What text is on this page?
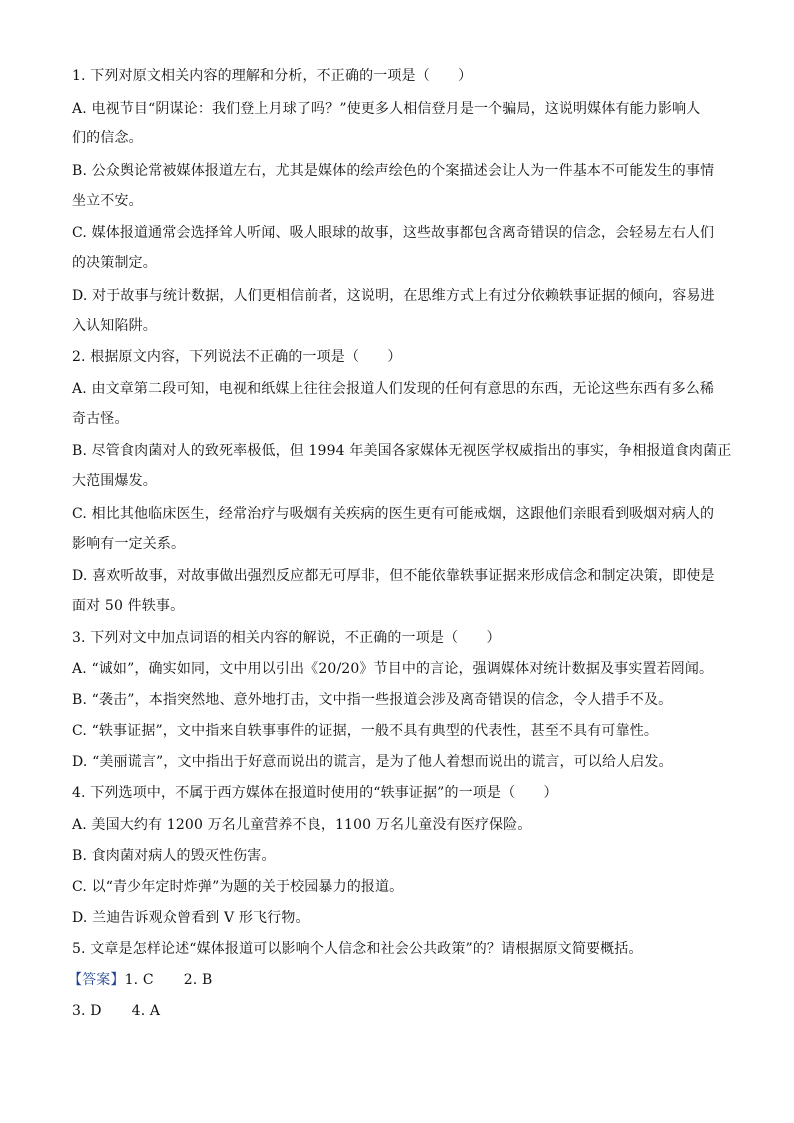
1. 下列对原文相关内容的理解和分析，不正确的一项是（　　）
A. 电视节目“阴谋论：我们登上月球了吗？”使更多人相信登月是一个骗局，这说明媒体有能力影响人
们的信念。
B. 公众舆论常被媒体报道左右，尤其是媒体的绘声绘色的个案描述会让人为一件基本不可能发生的事情
坐立不安。
C. 媒体报道通常会选择耸人听闻、吸人眼球的故事，这些故事都包含离奇错误的信念，会轻易左右人们
的决策制定。
D. 对于故事与统计数据，人们更相信前者，这说明，在思维方式上有过分依赖轶事证据的倾向，容易进
入认知陷阱。
2. 根据原文内容，下列说法不正确的一项是（　　）
A. 由文章第二段可知，电视和纸媒上往往会报道人们发现的任何有意思的东西，无论这些东西有多么稀
奇古怪。
B. 尽管食肉菌对人的致死率极低，但 1994 年美国各家媒体无视医学权威指出的事实，争相报道食肉菌正
大范围爆发。
C. 相比其他临床医生，经常治疗与吸烟有关疾病的医生更有可能戒烟，这跟他们亲眼看到吸烟对病人的
影响有一定关系。
D. 喜欢听故事，对故事做出强烈反应都无可厚非，但不能依靠轶事证据来形成信念和制定决策，即使是
面对 50 件轶事。
3. 下列对文中加点词语的相关内容的解说，不正确的一项是（　　）
A. “诚如”，确实如同，文中用以引出《20/20》节目中的言论，强调媒体对统计数据及事实置若罔闻。
B. “袭击”，本指突然地、意外地打击，文中指一些报道会涉及离奇错误的信念，令人措手不及。
C. “轶事证据”，文中指来自轶事事件的证据，一般不具有典型的代表性，甚至不具有可靠性。
D. “美丽谎言”，文中指出于好意而说出的谎言，是为了他人着想而说出的谎言，可以给人启发。
4. 下列选项中，不属于西方媒体在报道时使用的“轶事证据”的一项是（　　）
A. 美国大约有 1200 万名儿童营养不良，1100 万名儿童没有医疗保险。
B. 食肉菌对病人的毁灭性伤害。
C. 以“青少年定时炸弹”为题的关于校园暴力的报道。
D. 兰迪告诉观众曾看到 V 形飞行物。
5. 文章是怎样论述“媒体报道可以影响个人信念和社会公共政策”的？请根据原文简要概括。
【答案】1. C 2. B
3. D 4. A
